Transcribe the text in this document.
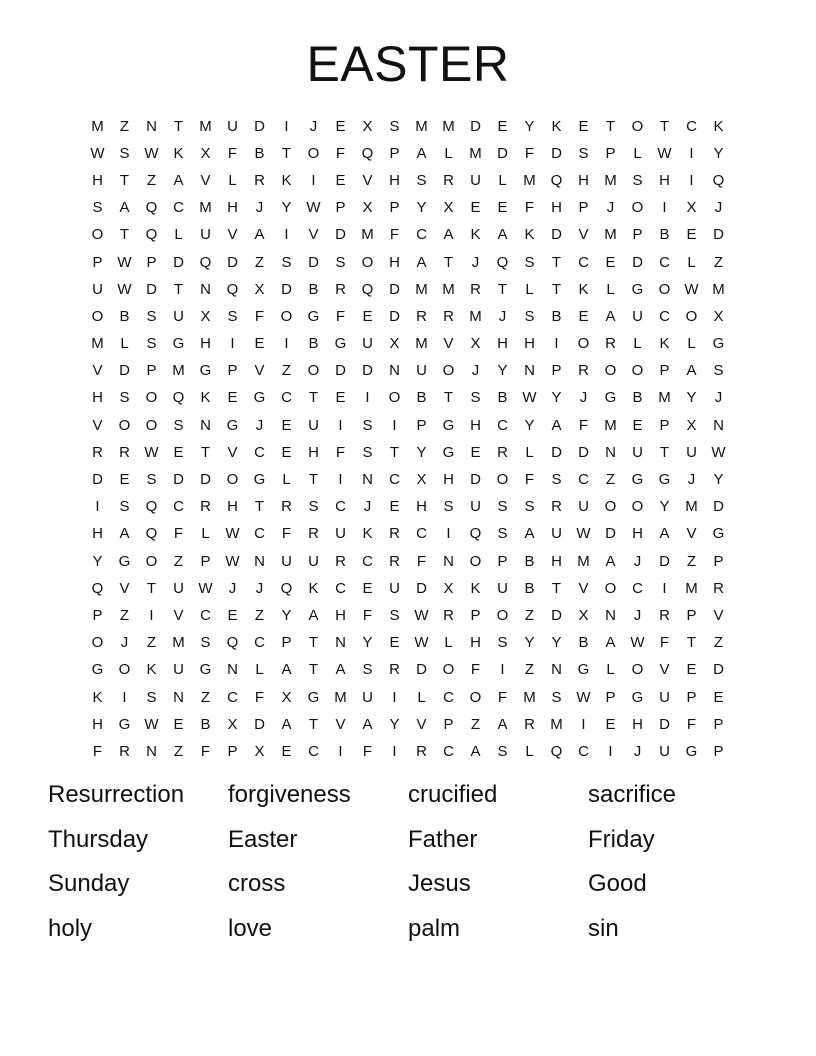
EASTER
M	Z	N	T	M	U	D	I	J	E	X	S	M M	D	E	Y	K	E	T	O	T	C	K
W S W K	X	F	B	T	O	F	Q	P	A	L	M	D	F	D	S	P	L	W	I	Y
H	T	Z	A	V	L	R	K	I	E	V	H	S	R	U	L	M Q	H	M	S	H	I	Q
S	A	Q	C	M	H	J	Y W P	X	P	Y	X	E	E	F	H	P	J	O	I	X	J
O	T	Q	L	U	V	A	I	V	D	M	F	C	A	K	A	K	D	V	M	P	B	E	D
P W P	D	Q	D	Z	S	D	S	O	H	A	T	J	Q	S	T	C	E	D	C	L	Z
U W D	T	N	Q	X	D	B	R	Q	D	M M	R	T	L	T	K	L	G	O W M
O	B	S	U	X	S	F	O	G	F	E	D	R	R	M	J	S	B	E	A	U	C	O	X
M	L	S	G	H	I	E	I	B	G	U	X	M	V	X	H	H	I	O	R	L	K	L	G
V	D	P	M G	P	V	Z	O	D	D	N	U	O	J	Y	N	P	R	O	O	P	A	S
H	S	O	Q	K	E	G	C	T	E	I	O	B	T	S	B W Y	J	G	B	M	Y	J
V	O	O	S	N	G	J	E	U	I	S	I	P	G	H	C	Y	A	F	M	E	P	X	N
R	R W E	T	V	C	E	H	F	S	T	Y	G	E	R	L	D	D	N	U	T	U W
D	E	S	D	D	O	G	L	T	I	N	C	X	H	D	O	F	S	C	Z	G	G	J	Y
I	S	Q	C	R	H	T	R	S	C	J	E	H	S	U	S	S	R	U	O	O	Y	M	D
H	A	Q	F	L	W C	F	R	U	K	R	C	I	Q	S	A	U W D	H	A	V	G
Y	G	O	Z	P W N	U	U	R	C	R	F	N	O	P	B	H	M	A	J	D	Z	P
Q	V	T	U W	J	J	Q	K	C	E	U	D	X	K	U	B	T	V	O	C	I	M	R
P	Z	I	V	C	E	Z	Y	A	H	F	S W R	P	O	Z	D	X	N	J	R	P	V
O	J	Z	M	S	Q	C	P	T	N	Y	E W	L	H	S	Y	Y	B	A W	F	T	Z
G	O	K	U	G	N	L	A	T	A	S	R	D	O	F	I	Z	N	G	L	O	V	E	D
K	I	S	N	Z	C	F	X	G M	U	I	L	C	O	F	M	S W P	G	U	P	E
H	G W E	B	X	D	A	T	V	A	Y	V	P	Z	A	R	M	I	E	H	D	F	P
F	R	N	Z	F	P	X	E	C	I	F	I	R	C	A	S	L	Q	C	I	J	U	G	P
Resurrection	forgiveness	crucified	sacrifice
Thursday	Easter	Father	Friday
Sunday	cross	Jesus	Good
holy	love	palm	sin
